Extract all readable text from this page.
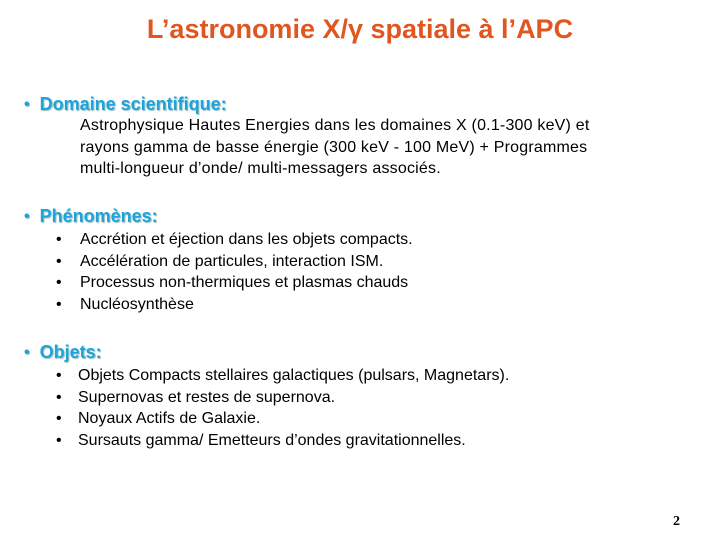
L’astronomie X/γ spatiale à l’APC
• Domaine scientifique:
Astrophysique Hautes Energies dans les domaines X (0.1-300 keV) et
rayons gamma de basse énergie (300 keV - 100 MeV) + Programmes
multi-longueur d’onde/ multi-messagers associés.
• Phénomènes:
•	Accrétion et éjection dans les objets compacts.
•	Accélération de particules, interaction ISM.
•	Processus non-thermiques et plasmas chauds
•	Nucléosynthèse
• Objets:
•	Objets Compacts stellaires galactiques (pulsars, Magnetars).
•	Supernovas et restes de supernova.
•	Noyaux Actifs de Galaxie.
•	Sursauts gamma/ Emetteurs d’ondes gravitationnelles.
2
